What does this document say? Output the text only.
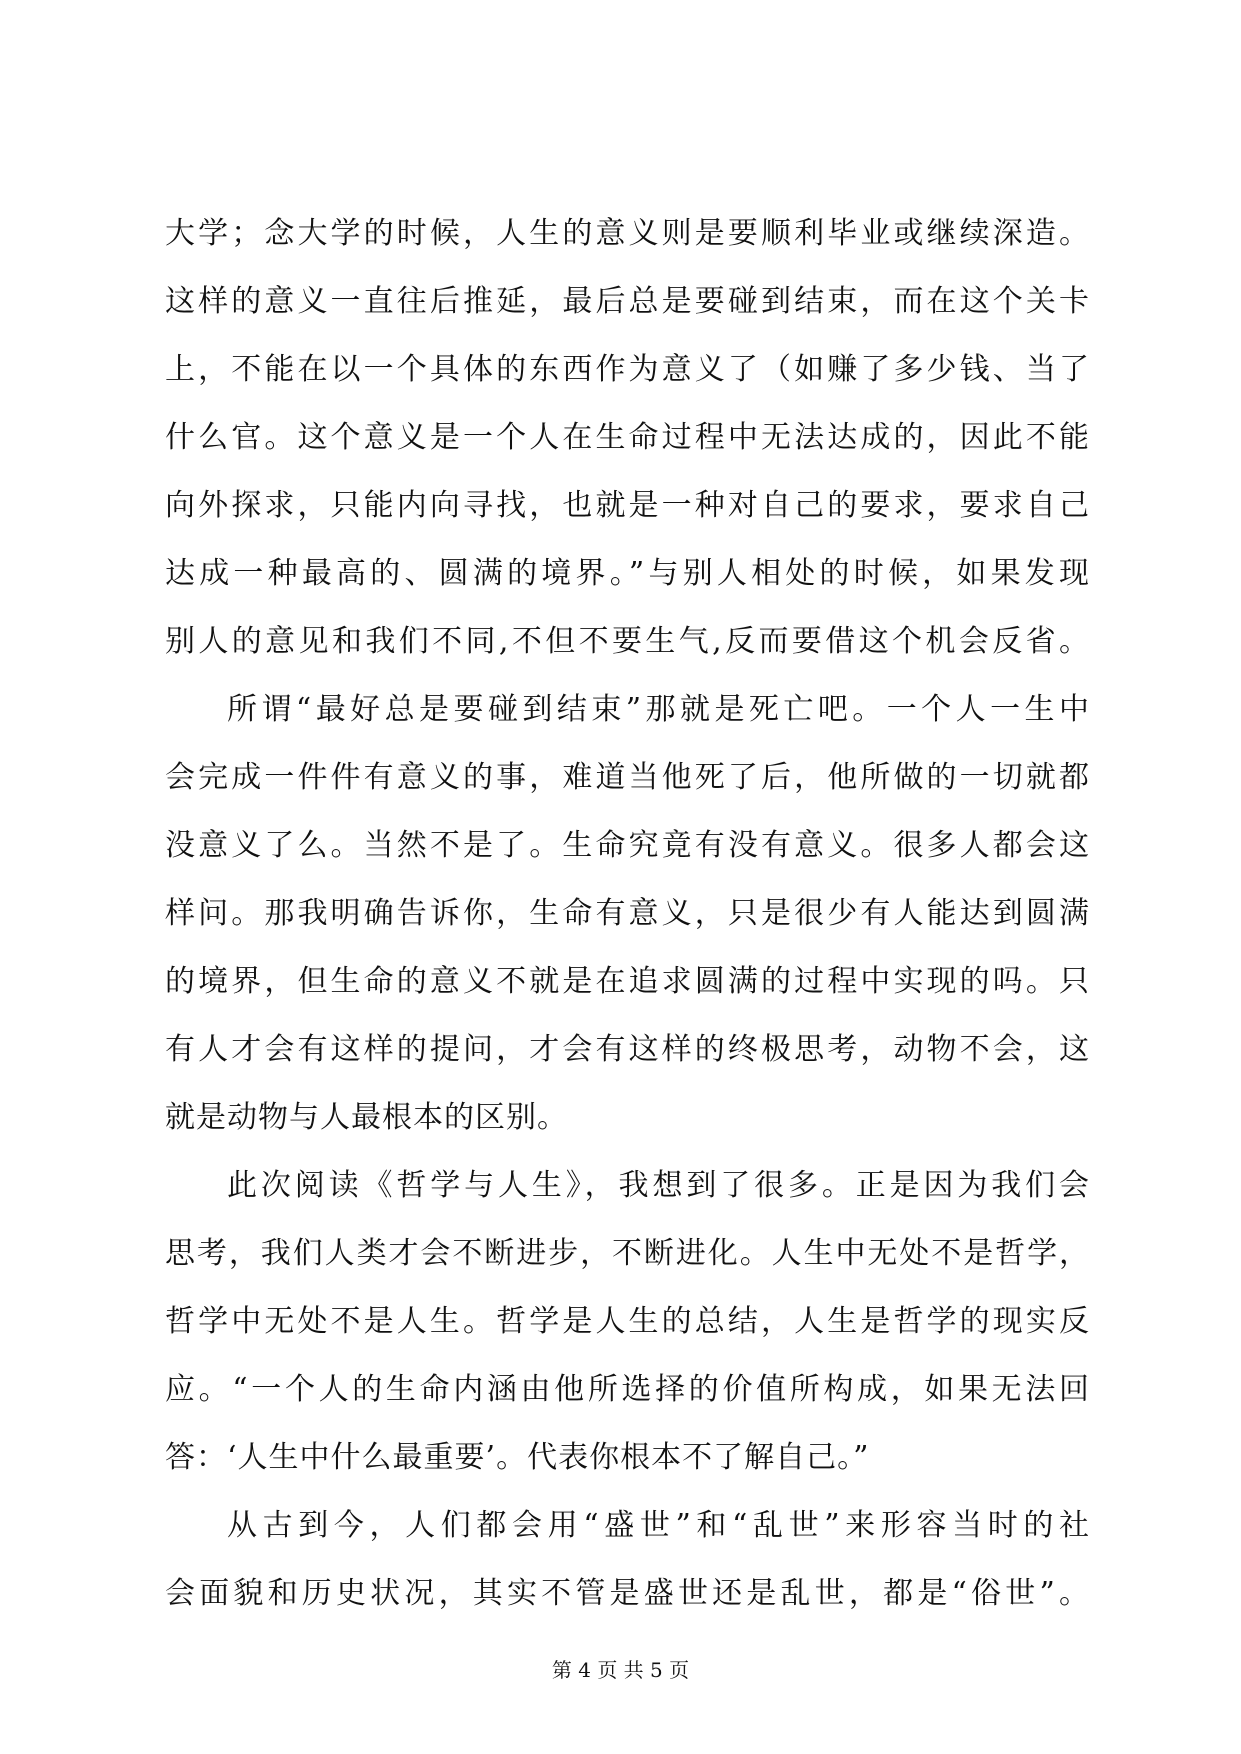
大学；念大学的时候，人生的意义则是要顺利毕业或继续深造。
这样的意义一直往后推延，最后总是要碰到结束，而在这个关卡
上，不能在以一个具体的东西作为意义了（如赚了多少钱、当了
什么官。这个意义是一个人在生命过程中无法达成的，因此不能
向外探求，只能内向寻找，也就是一种对自己的要求，要求自己
达成一种最高的、圆满的境界。”与别人相处的时候，如果发现
别人的意见和我们不同,不但不要生气,反而要借这个机会反省。
所谓“最好总是要碰到结束”那就是死亡吧。一个人一生中
会完成一件件有意义的事，难道当他死了后，他所做的一切就都
没意义了么。当然不是了。生命究竟有没有意义。很多人都会这
样问。那我明确告诉你，生命有意义，只是很少有人能达到圆满
的境界，但生命的意义不就是在追求圆满的过程中实现的吗。只
有人才会有这样的提问，才会有这样的终极思考，动物不会，这
就是动物与人最根本的区别。
此次阅读《哲学与人生》，我想到了很多。正是因为我们会
思考，我们人类才会不断进步，不断进化。人生中无处不是哲学，
哲学中无处不是人生。哲学是人生的总结，人生是哲学的现实反
应。“一个人的生命内涵由他所选择的价值所构成，如果无法回
答：‘人生中什么最重要’。代表你根本不了解自己。”
从古到今，人们都会用“盛世”和“乱世”来形容当时的社
会面貌和历史状况，其实不管是盛世还是乱世，都是“俗世”。
第 4 页 共 5 页
